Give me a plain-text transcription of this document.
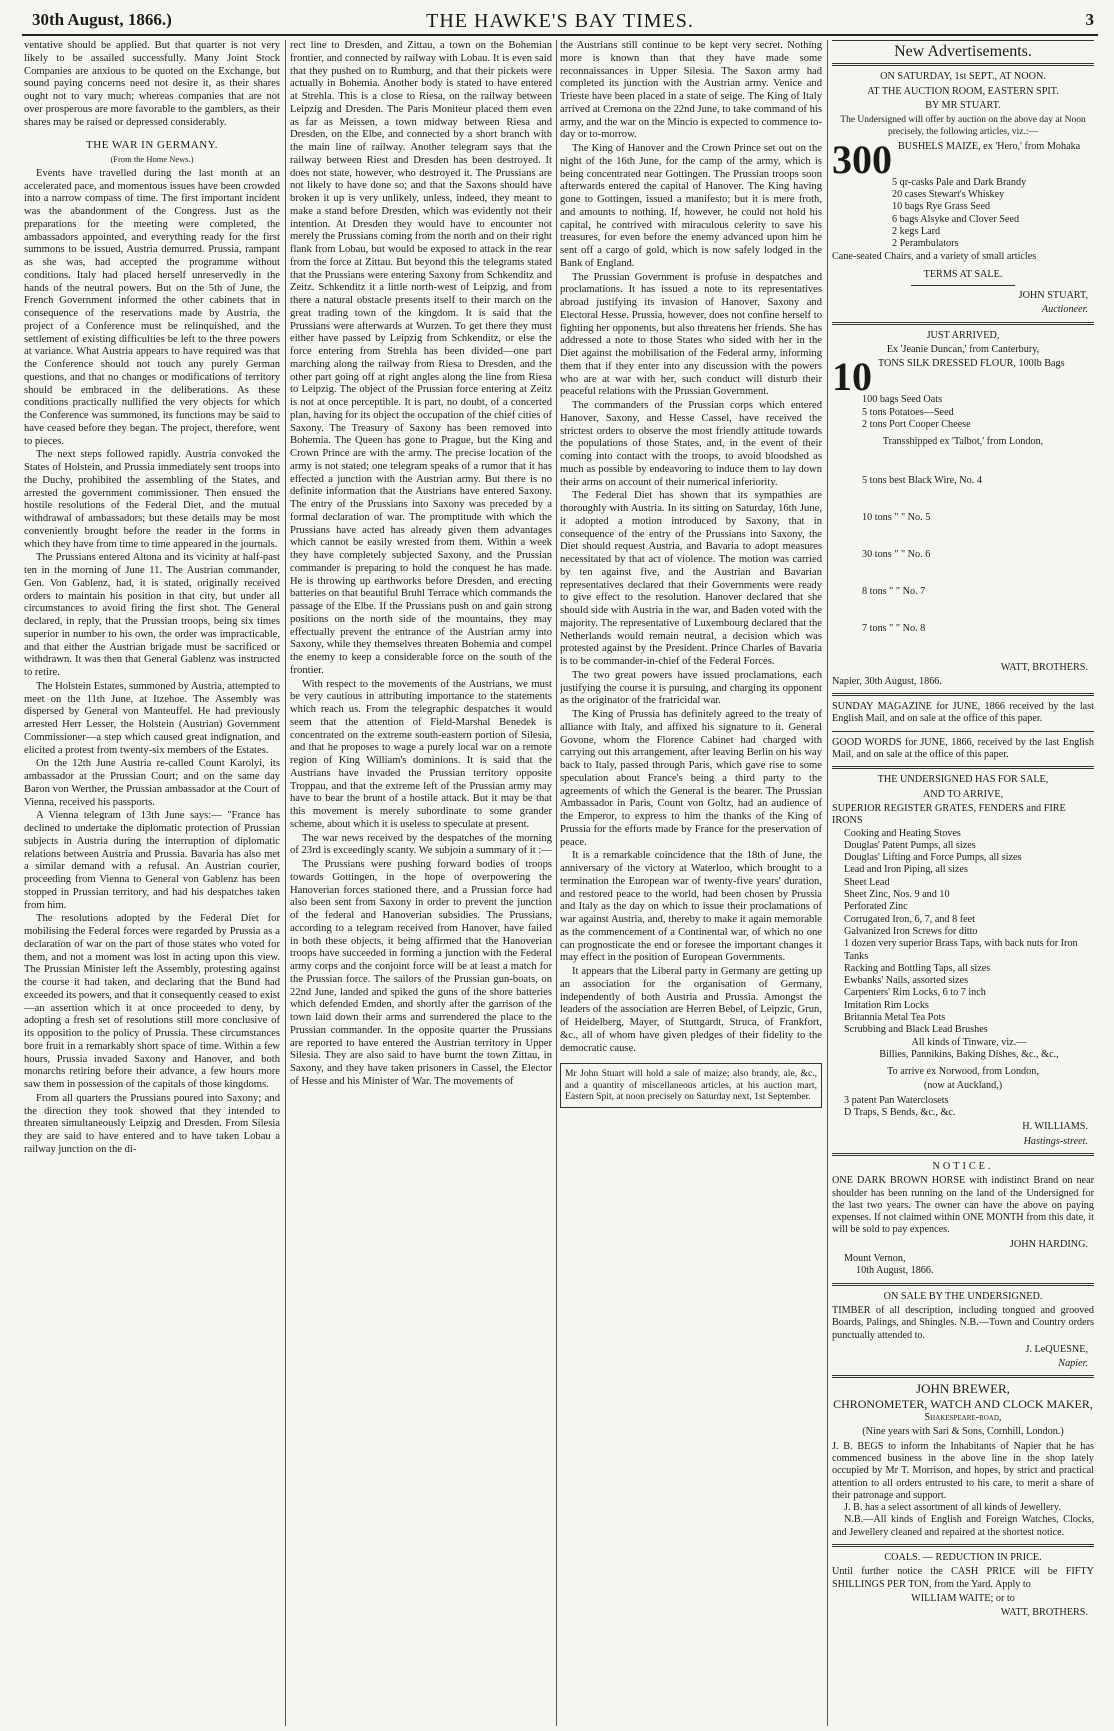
30th August, 1866.)	THE HAWKE'S BAY TIMES.	3

ventative should be applied. But that quarter is not very likely to be assailed successfully. Many Joint Stock Companies are anxious to be quoted on the Exchange, but sound paying concerns need not desire it, as their shares ought not to vary much; whereas companies that are not over prosperous are more favorable to the gamblers, as their shares may be raised or depressed considerably.

THE WAR IN GERMANY.
(From the Home News.)

Events have travelled during the last month at an accelerated pace, and momentous issues have been crowded into a narrow compass of time. The first important incident was the abandonment of the Congress. Just as the preparations for the meeting were completed, the ambassadors appointed, and everything ready for the first summons to be issued, Austria demurred. Prussia, rampant as she was, had accepted the programme without conditions. Italy had placed herself unreservedly in the hands of the neutral powers. But on the 5th of June, the French Government informed the other cabinets that in consequence of the reservations made by Austria, the project of a Conference must be relinquished, and the settlement of existing difficulties be left to the three powers at variance. What Austria appears to have required was that the Conference should not touch any purely German questions, and that no changes or modifications of territory should be embraced in the deliberations. As these conditions practically nullified the very objects for which the Conference was summoned, its functions may be said to have ceased before they began. The project, therefore, went to pieces.

The next steps followed rapidly. Austria convoked the States of Holstein, and Prussia immediately sent troops into the Duchy, prohibited the assembling of the States, and arrested the government commissioner. Then ensued the hostile resolutions of the Federal Diet, and the mutual withdrawal of ambassadors; but these details may be most conveniently brought before the reader in the forms in which they have from time to time appeared in the journals.

The Prussians entered Altona and its vicinity at half-past ten in the morning of June 11. The Austrian commander, Gen. Von Gablenz, had, it is stated, originally received orders to maintain his position in that city, but under all circumstances to avoid firing the first shot. The General declared, in reply, that the Prussian troops, being six times superior in number to his own, the order was impracticable, and that either the Austrian brigade must be sacrificed or withdrawn. It was then that General Gablenz was instructed to retire.

The Holstein Estates, summoned by Austria, attempted to meet on the 11th June, at Itzehoe. The Assembly was dispersed by General von Manteuffel. He had previously arrested Herr Lesser, the Holstein (Austrian) Government Commissioner—a step which caused great indignation, and elicited a protest from twenty-six members of the Estates.

On the 12th June Austria re-called Count Karolyi, its ambassador at the Prussian Court; and on the same day Baron von Werther, the Prussian ambassador at the Court of Vienna, received his passports.

A Vienna telegram of 13th June says:— "France has declined to undertake the diplomatic protection of Prussian subjects in Austria during the interruption of diplomatic relations between Austria and Prussia. Bavaria has also met a similar demand with a refusal. An Austrian courier, proceeding from Vienna to General von Gablenz has been stopped in Prussian territory, and had his despatches taken from him.

The resolutions adopted by the Federal Diet for mobilising the Federal forces were regarded by Prussia as a declaration of war on the part of those states who voted for them, and not a moment was lost in acting upon this view. The Prussian Minister left the Assembly, protesting against the course it had taken, and declaring that the Bund had exceeded its powers, and that it consequently ceased to exist—an assertion which it at once proceeded to deny, by adopting a fresh set of resolutions still more conclusive of its opposition to the policy of Prussia. These circumstances bore fruit in a remarkably short space of time. Within a few hours, Prussia invaded Saxony and Hanover, and both monarchs retiring before their advance, a few hours more saw them in possession of the capitals of those kingdoms.

From all quarters the Prussians poured into Saxony; and the direction they took showed that they intended to threaten simultaneously Leipzig and Dresden. From Silesia they are said to have entered and to have taken Lobau a railway junction on the di-

rect line to Dresden, and Zittau, a town on the Bohemian frontier, and connected by railway with Lobau. It is even said that they pushed on to Rumburg, and that their pickets were actually in Bohemia. Another body is stated to have entered at Strehla. This is a close to Riesa, on the railway between Leipzig and Dresden. The Paris Moniteur placed them even as far as Meissen, a town midway between Riesa and Dresden, on the Elbe, and connected by a short branch with the main line of railway. Another telegram says that the railway between Riest and Dresden has been destroyed. It does not state, however, who destroyed it. The Prussians are not likely to have done so; and that the Saxons should have broken it up is very unlikely, unless, indeed, they meant to make a stand before Dresden, which was evidently not their intention. At Dresden they would have to encounter not merely the Prussians coming from the north and on their right flank from Lobau, but would be exposed to attack in the rear from the force at Zittau. But beyond this the telegrams stated that the Prussians were entering Saxony from Schkenditz and Zeitz. Schkenditz it a little north-west of Leipzig, and from there a natural obstacle presents itself to their march on the great trading town of the kingdom. It is said that the Prussians were afterwards at Wurzen. To get there they must either have passed by Leipzig from Schkenditz, or else the force entering from Strehla has been divided—one part marching along the railway from Riesa to Dresden, and the other part going off at right angles along the line from Riesa to Leipzig. The object of the Prussian force entering at Zeitz is not at once perceptible. It is part, no doubt, of a concerted plan, having for its object the occupation of the chief cities of Saxony. The Treasury of Saxony has been removed into Bohemia. The Queen has gone to Prague, but the King and Crown Prince are with the army. The precise location of the army is not stated; one telegram speaks of a rumor that it has effected a junction with the Austrian army. But there is no definite information that the Austrians have entered Saxony. The entry of the Prussians into Saxony was preceded by a formal declaration of war. The promptitude with which the Prussians have acted has already given them advantages which cannot be easily wrested from them. Within a week they have completely subjected Saxony, and the Prussian commander is preparing to hold the conquest he has made. He is throwing up earthworks before Dresden, and erecting batteries on that beautiful Bruhl Terrace which commands the passage of the Elbe. If the Prussians push on and gain strong positions on the north side of the mountains, they may effectually prevent the entrance of the Austrian army into Saxony, while they themselves threaten Bohemia and compel the enemy to keep a considerable force on the south of the frontier.

With respect to the movements of the Austrians, we must be very cautious in attributing importance to the statements which reach us. From the telegraphic despatches it would seem that the attention of Field-Marshal Benedek is concentrated on the extreme south-eastern portion of Silesia, and that he proposes to wage a purely local war on a remote region of King William's dominions. It is said that the Austrians have invaded the Prussian territory opposite Troppau, and that the extreme left of the Prussian army may have to bear the brunt of a hostile attack. But it may be that this movement is merely subordinate to some grander scheme, about which it is useless to speculate at present.

The war news received by the despatches of the morning of 23rd is exceedingly scanty. We subjoin a summary of it :—

The Prussians were pushing forward bodies of troops towards Gottingen, in the hope of overpowering the Hanoverian forces stationed there, and a Prussian force had also been sent from Saxony in order to prevent the junction of the federal and Hanoverian subsidies. The Prussians, according to a telegram received from Hanover, have failed in both these objects, it being affirmed that the Hanoverian troops have succeeded in forming a junction with the Federal army corps and the conjoint force will be at least a match for the Prussian force. The sailors of the Prussian gun-boats, on 22nd June, landed and spiked the guns of the shore batteries which defended Emden, and shortly after the garrison of the town laid down their arms and surrendered the place to the Prussian commander. In the opposite quarter the Prussians are reported to have entered the Austrian territory in Upper Silesia. They are also said to have burnt the town Zittau, in Saxony, and they have taken prisoners in Cassel, the Elector of Hesse and his Minister of War. The movements of

the Austrians still continue to be kept very secret. Nothing more is known than that they have made some reconnaissances in Upper Silesia. The Saxon army had completed its junction with the Austrian army. Venice and Trieste have been placed in a state of seige. The King of Italy arrived at Cremona on the 22nd June, to take command of his army, and the war on the Mincio is expected to commence to-day or to-morrow.

The King of Hanover and the Crown Prince set out on the night of the 16th June, for the camp of the army, which is being concentrated near Gottingen. The Prussian troops soon afterwards entered the capital of Hanover. The King having gone to Gottingen, issued a manifesto; but it is mere froth, and amounts to nothing. If, however, he could not hold his capital, he contrived with miraculous celerity to save his treasures, for even before the enemy advanced upon him he sent off a cargo of gold, which is now safely lodged in the Bank of England.

The Prussian Government is profuse in despatches and proclamations. It has issued a note to its representatives abroad justifying its invasion of Hanover, Saxony and Electoral Hesse. Prussia, however, does not confine herself to fighting her opponents, but also threatens her friends. She has addressed a note to those States who sided with her in the Diet against the mobilisation of the Federal army, informing them that if they enter into any discussion with the powers who are at war with her, such conduct will disturb their peaceful relations with the Prussian Government.

The commanders of the Prussian corps which entered Hanover, Saxony, and Hesse Cassel, have received the strictest orders to observe the most friendly attitude towards the populations of those States, and, in the event of their coming into contact with the troops, to avoid bloodshed as much as possible by endeavoring to induce them to lay down their arms on account of their numerical inferiority.

The Federal Diet has shown that its sympathies are thoroughly with Austria. In its sitting on Saturday, 16th June, it adopted a motion introduced by Saxony, that in consequence of the entry of the Prussians into Saxony, the Diet should request Austria, and Bavaria to adopt measures necessitated by that act of violence. The motion was carried by ten against five, and the Austrian and Bavarian representatives declared that their Governments were ready to give effect to the resolution. Hanover declared that she should side with Austria in the war, and Baden voted with the majority. The representative of Luxembourg declared that the Netherlands would remain neutral, a decision which was protested against by the President. Prince Charles of Bavaria is to be commander-in-chief of the Federal Forces.

The two great powers have issued proclamations, each justifying the course it is pursuing, and charging its opponent as the originator of the fratricidal war.

The King of Prussia has definitely agreed to the treaty of alliance with Italy, and affixed his signature to it. General Govone, whom the Florence Cabinet had charged with carrying out this arrangement, after leaving Berlin on his way back to Italy, passed through Paris, which gave rise to some speculation about France's being a third party to the agreements of which the General is the bearer. The Prussian Ambassador in Paris, Count von Goltz, had an audience of the Emperor, to express to him the thanks of the King of Prussia for the efforts made by France for the preservation of peace.

It is a remarkable coincidence that the 18th of June, the anniversary of the victory at Waterloo, which brought to a termination the European war of twenty-five years' duration, and restored peace to the world, had been chosen by Prussia and Italy as the day on which to issue their proclamations of war against Austria, and, thereby to make it again memorable as the commencement of a Continental war, of which no one can prognosticate the end or foresee the important changes it may effect in the position of European Governments.

It appears that the Liberal party in Germany are getting up an association for the organisation of Germany, independently of both Austria and Prussia. Amongst the leaders of the association are Herren Bebel, of Leipzic, Grun, of Heidelberg, Mayer, of Stuttgardt, Struca, of Frankfort, &c., all of whom have given pledges of their fidelity to the democratic cause.

Mr John Stuart will hold a sale of maize; also brandy, ale, &c., and a quantity of miscellaneous articles, at his auction mart, Eastern Spit, at noon precisely on Saturday next, 1st September.
New Advertisements.
ON SATURDAY, 1st SEPT., AT NOON.
AT THE AUCTION ROOM, EASTERN SPIT.
BY MR STUART.
The Undersigned will offer by auction on the above day at Noon precisely, the following articles, viz.:—
300 BUSHELS MAIZE, ex 'Hero,' from Mohaka
5 qr-casks Pale and Dark Brandy
20 cases Stewart's Whiskey
10 bags Rye Grass Seed
6 bags Alsyke and Clover Seed
2 kegs Lard
2 Perambulators
Cane-seated Chairs, and a variety of small articles
TERMS AT SALE.
JOHN STUART,
Auctioneer.
JUST ARRIVED,
Ex 'Jeanie Duncan,' from Canterbury,
10 TONS SILK DRESSED FLOUR, 100lb Bags
100 bags Seed Oats
5 tons Potatoes—Seed
2 tons Port Cooper Cheese
Transshipped ex 'Talbot,' from London,

5 tons best Black Wire, No. 4

10 tons " " No. 5

30 tons " " No. 6

8 tons " " No. 7

7 tons " " No. 8

WATT, BROTHERS.
Napier, 30th August, 1866.
SUNDAY MAGAZINE for JUNE, 1866 received by the last English Mail, and on sale at the office of this paper.
GOOD WORDS for JUNE, 1866, received by the last English Mail, and on sale at the office of this paper.
THE UNDERSIGNED HAS FOR SALE,
AND TO ARRIVE,
SUPERIOR REGISTER GRATES, FENDERS and FIRE IRONS
Cooking and Heating Stoves
Douglas' Patent Pumps, all sizes
Douglas' Lifting and Force Pumps, all sizes
Lead and Iron Piping, all sizes
Sheet Lead
Sheet Zinc, Nos. 9 and 10
Perforated Zinc
Corrugated Iron, 6, 7, and 8 feet
Galvanized Iron Screws for ditto
1 dozen very superior Brass Taps, with back nuts for Iron Tanks
Racking and Bottling Taps, all sizes
Ewbanks' Nails, assorted sizes
Carpenters' Rim Locks, 6 to 7 inch
Imitation Rim Locks
Britannia Metal Tea Pots
Scrubbing and Black Lead Brushes
All kinds of Tinware, viz.—
Billies, Pannikins, Baking Dishes, &c., &c.,
To arrive ex Norwood, from London,
(now at Auckland,)
3 patent Pan Waterclosets
D Traps, S Bends, &c., &c.
H. WILLIAMS.
Hastings-street.
NOTICE.
ONE DARK BROWN HORSE with indistinct Brand on near shoulder has been running on the land of the Undersigned for the last two years. The owner can have the above on paying expenses. If not claimed within ONE MONTH from this date, it will be sold to pay expences.
JOHN HARDING.
Mount Vernon,
10th August, 1866.
ON SALE BY THE UNDERSIGNED.
TIMBER of all description, including tongued and grooved Boards, Palings, and Shingles. N.B.—Town and Country orders punctually attended to.
J. LeQUESNE,
Napier.
JOHN BREWER,
CHRONOMETER, WATCH AND CLOCK MAKER,
Shakespeare-road,
(Nine years with Sari & Sons, Cornhill, London.)
J. B. BEGS to inform the Inhabitants of Napier that he has commenced business in the above line in the shop lately occupied by Mr T. Morrison, and hopes, by strict and practical attention to all orders entrusted to his care, to merit a share of their patronage and support.
J. B. has a select assortment of all kinds of Jewellery.
N.B.—All kinds of English and Foreign Watches, Clocks, and Jewellery cleaned and repaired at the shortest notice.
COALS. — REDUCTION IN PRICE.
Until further notice the CASH PRICE will be FIFTY SHILLINGS PER TON, from the Yard. Apply to
WILLIAM WAITE; or to
WATT, BROTHERS.
